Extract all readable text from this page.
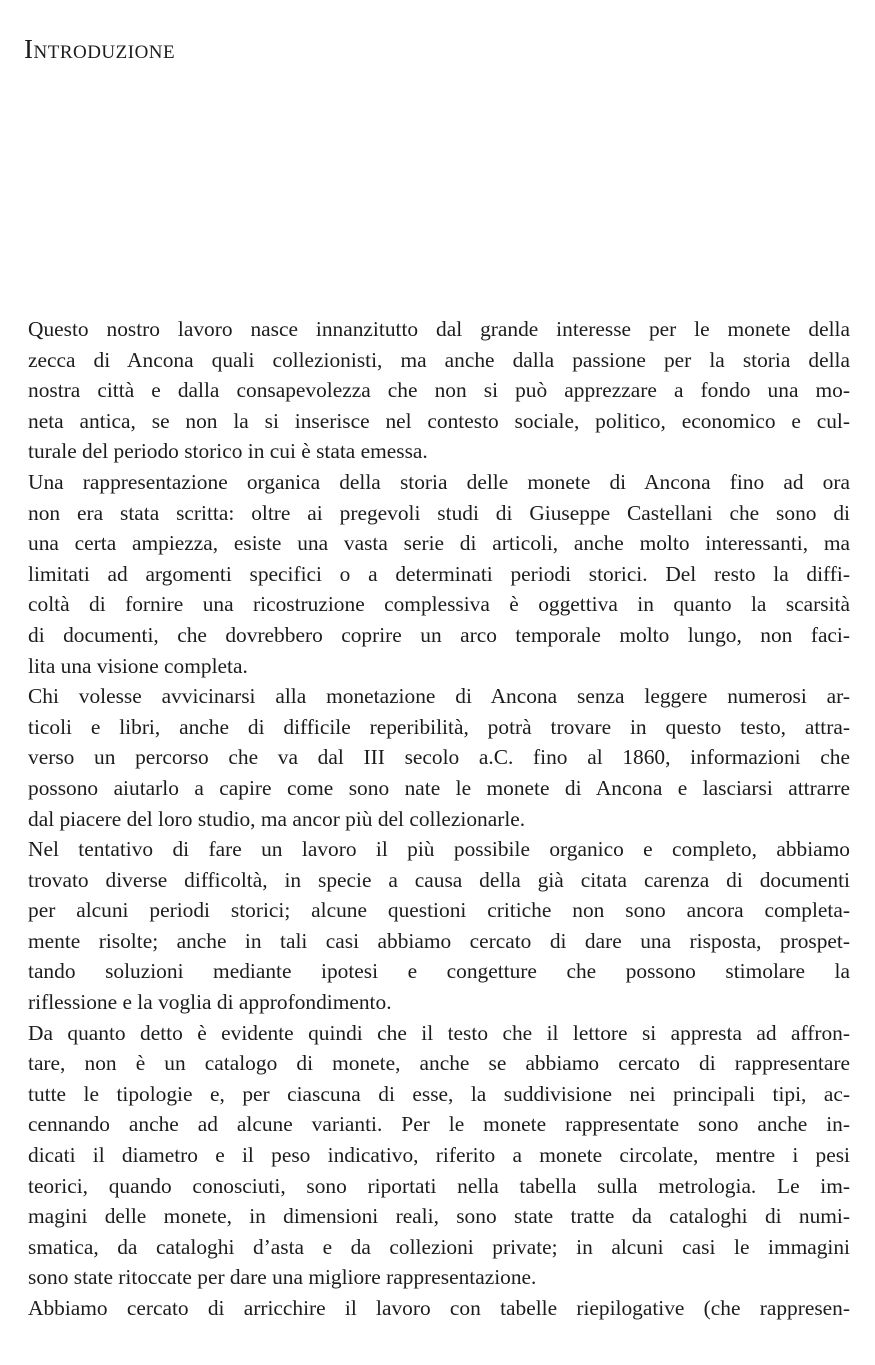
Introduzione
Questo nostro lavoro nasce innanzitutto dal grande interesse per le monete della
zecca di Ancona quali collezionisti, ma anche dalla passione per la storia della
nostra città e dalla consapevolezza che non si può apprezzare a fondo una mo-
neta antica, se non la si inserisce nel contesto sociale, politico, economico e cul-
turale del periodo storico in cui è stata emessa.
Una rappresentazione organica della storia delle monete di Ancona fino ad ora
non era stata scritta: oltre ai pregevoli studi di Giuseppe Castellani che sono di
una certa ampiezza, esiste una vasta serie di articoli, anche molto interessanti, ma
limitati ad argomenti specifici o a determinati periodi storici. Del resto la diffi-
coltà di fornire una ricostruzione complessiva è oggettiva in quanto la scarsità
di documenti, che dovrebbero coprire un arco temporale molto lungo, non faci-
lita una visione completa.
Chi volesse avvicinarsi alla monetazione di Ancona senza leggere numerosi ar-
ticoli e libri, anche di difficile reperibilità, potrà trovare in questo testo, attra-
verso un percorso che va dal III secolo a.C. fino al 1860, informazioni che
possono aiutarlo a capire come sono nate le monete di Ancona e lasciarsi attrarre
dal piacere del loro studio, ma ancor più del collezionarle.
Nel tentativo di fare un lavoro il più possibile organico e completo, abbiamo
trovato diverse difficoltà, in specie a causa della già citata carenza di documenti
per alcuni periodi storici; alcune questioni critiche non sono ancora completa-
mente risolte; anche in tali casi abbiamo cercato di dare una risposta, prospet-
tando soluzioni mediante ipotesi e congetture che possono stimolare la
riflessione e la voglia di approfondimento.
Da quanto detto è evidente quindi che il testo che il lettore si appresta ad affron-
tare, non è un catalogo di monete, anche se abbiamo cercato di rappresentare
tutte le tipologie e, per ciascuna di esse, la suddivisione nei principali tipi, ac-
cennando anche ad alcune varianti. Per le monete rappresentate sono anche in-
dicati il diametro e il peso indicativo, riferito a monete circolate, mentre i pesi
teorici, quando conosciuti, sono riportati nella tabella sulla metrologia. Le im-
magini delle monete, in dimensioni reali, sono state tratte da cataloghi di numi-
smatica, da cataloghi d’asta e da collezioni private; in alcuni casi le immagini
sono state ritoccate per dare una migliore rappresentazione.
Abbiamo cercato di arricchire il lavoro con tabelle riepilogative (che rappresen-
